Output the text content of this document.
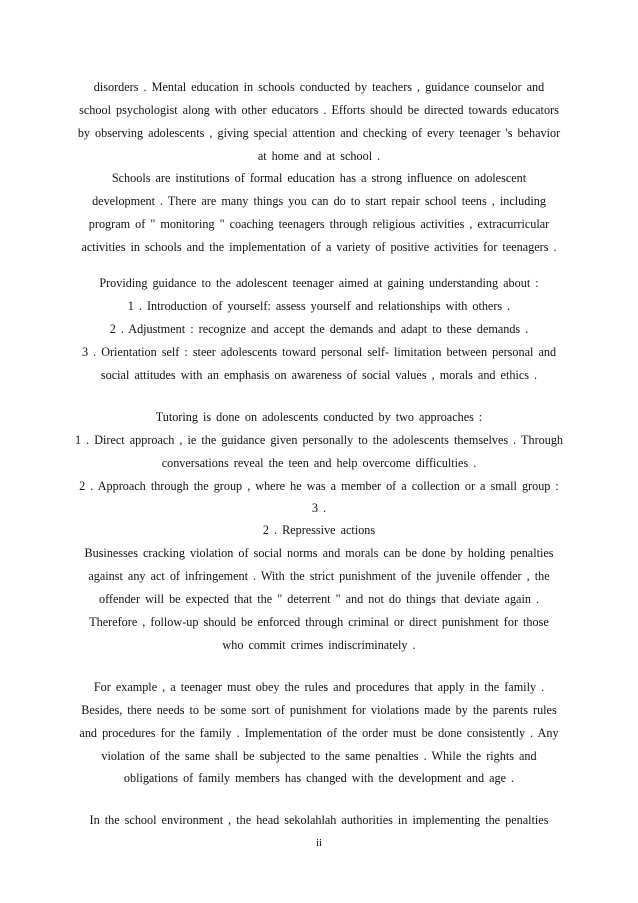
disorders . Mental education in schools conducted by teachers , guidance counselor and
school psychologist along with other educators . Efforts should be directed towards educators
by observing adolescents , giving special attention and checking of every teenager 's behavior
at home and at school .
Schools are institutions of formal education has a strong influence on adolescent
development . There are many things you can do to start repair school teens , including
program of " monitoring " coaching teenagers through religious activities , extracurricular
activities in schools and the implementation of a variety of positive activities for teenagers .
Providing guidance to the adolescent teenager aimed at gaining understanding about :
1 . Introduction of yourself: assess yourself and relationships with others .
2 . Adjustment : recognize and accept the demands and adapt to these demands .
3 . Orientation self : steer adolescents toward personal self- limitation between personal and
social attitudes with an emphasis on awareness of social values , morals and ethics .
Tutoring is done on adolescents conducted by two approaches :
1 . Direct approach , ie the guidance given personally to the adolescents themselves . Through
conversations reveal the teen and help overcome difficulties .
2 . Approach through the group , where he was a member of a collection or a small group :
3 .
2 . Repressive actions
Businesses cracking violation of social norms and morals can be done by holding penalties
against any act of infringement . With the strict punishment of the juvenile offender , the
offender will be expected that the " deterrent " and not do things that deviate again .
Therefore , follow-up should be enforced through criminal or direct punishment for those
who commit crimes indiscriminately .
For example , a teenager must obey the rules and procedures that apply in the family .
Besides, there needs to be some sort of punishment for violations made by the parents rules
and procedures for the family . Implementation of the order must be done consistently . Any
violation of the same shall be subjected to the same penalties . While the rights and
obligations of family members has changed with the development and age .
In the school environment , the head sekolahlah authorities in implementing the penalties
ii
